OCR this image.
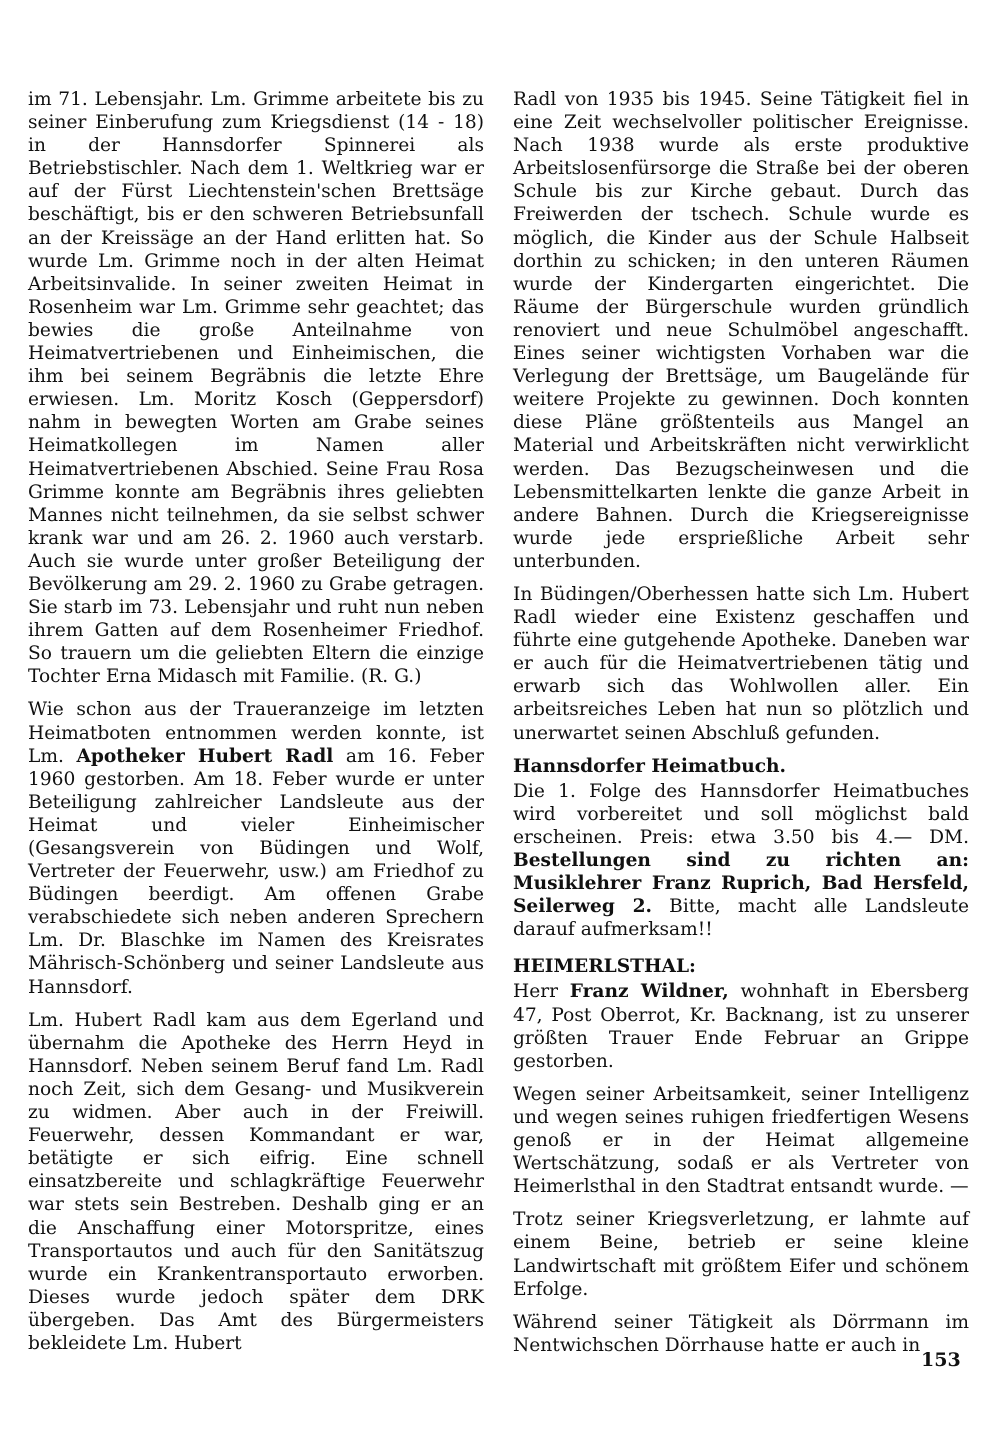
im 71. Lebensjahr. Lm. Grimme arbeitete bis zu seiner Einberufung zum Kriegsdienst (14 - 18) in der Hannsdorfer Spinnerei als Betriebstischler. Nach dem 1. Weltkrieg war er auf der Fürst Liechtenstein'schen Brettsäge beschäftigt, bis er den schweren Betriebsunfall an der Kreissäge an der Hand erlitten hat. So wurde Lm. Grimme noch in der alten Heimat Arbeitsinvalide. In seiner zweiten Heimat in Rosenheim war Lm. Grimme sehr geachtet; das bewies die große Anteilnahme von Heimatvertriebenen und Einheimischen, die ihm bei seinem Begräbnis die letzte Ehre erwiesen. Lm. Moritz Kosch (Geppersdorf) nahm in bewegten Worten am Grabe seines Heimatkollegen im Namen aller Heimatvertriebenen Abschied. Seine Frau Rosa Grimme konnte am Begräbnis ihres geliebten Mannes nicht teilnehmen, da sie selbst schwer krank war und am 26. 2. 1960 auch verstarb. Auch sie wurde unter großer Beteiligung der Bevölkerung am 29. 2. 1960 zu Grabe getragen. Sie starb im 73. Lebensjahr und ruht nun neben ihrem Gatten auf dem Rosenheimer Friedhof. So trauern um die geliebten Eltern die einzige Tochter Erna Midasch mit Familie. (R. G.)

Wie schon aus der Traueranzeige im letzten Heimatboten entnommen werden konnte, ist Lm. Apotheker Hubert Radl am 16. Feber 1960 gestorben. Am 18. Feber wurde er unter Beteiligung zahlreicher Landsleute aus der Heimat und vieler Einheimischer (Gesangsverein von Büdingen und Wolf, Vertreter der Feuerwehr, usw.) am Friedhof zu Büdingen beerdigt. Am offenen Grabe verabschiedete sich neben anderen Sprechern Lm. Dr. Blaschke im Namen des Kreisrates Mährisch-Schönberg und seiner Landsleute aus Hannsdorf.

Lm. Hubert Radl kam aus dem Egerland und übernahm die Apotheke des Herrn Heyd in Hannsdorf. Neben seinem Beruf fand Lm. Radl noch Zeit, sich dem Gesang- und Musikverein zu widmen. Aber auch in der Freiwill. Feuerwehr, dessen Kommandant er war, betätigte er sich eifrig. Eine schnell einsatzbereite und schlagkräftige Feuerwehr war stets sein Bestreben. Deshalb ging er an die Anschaffung einer Motorspritze, eines Transportautos und auch für den Sanitätszug wurde ein Krankentransportauto erworben. Dieses wurde jedoch später dem DRK übergeben. Das Amt des Bürgermeisters bekleidete Lm. Hubert

Radl von 1935 bis 1945. Seine Tätigkeit fiel in eine Zeit wechselvoller politischer Ereignisse. Nach 1938 wurde als erste produktive Arbeitslosenfürsorge die Straße bei der oberen Schule bis zur Kirche gebaut. Durch das Freiwerden der tschech. Schule wurde es möglich, die Kinder aus der Schule Halbseit dorthin zu schicken; in den unteren Räumen wurde der Kindergarten eingerichtet. Die Räume der Bürgerschule wurden gründlich renoviert und neue Schulmöbel angeschafft. Eines seiner wichtigsten Vorhaben war die Verlegung der Brettsäge, um Baugelände für weitere Projekte zu gewinnen. Doch konnten diese Pläne größtenteils aus Mangel an Material und Arbeitskräften nicht verwirklicht werden. Das Bezugscheinwesen und die Lebensmittelkarten lenkte die ganze Arbeit in andere Bahnen. Durch die Kriegsereignisse wurde jede ersprießliche Arbeit sehr unterbunden.

In Büdingen/Oberhessen hatte sich Lm. Hubert Radl wieder eine Existenz geschaffen und führte eine gutgehende Apotheke. Daneben war er auch für die Heimatvertriebenen tätig und erwarb sich das Wohlwollen aller. Ein arbeitsreiches Leben hat nun so plötzlich und unerwartet seinen Abschluß gefunden.

Hannsdorfer Heimatbuch.

Die 1. Folge des Hannsdorfer Heimatbuches wird vorbereitet und soll möglichst bald erscheinen. Preis: etwa 3.50 bis 4.— DM. Bestellungen sind zu richten an: Musiklehrer Franz Ruprich, Bad Hersfeld, Seilerweg 2. Bitte, macht alle Landsleute darauf aufmerksam!!

HEIMERLSTHAL:

Herr Franz Wildner, wohnhaft in Ebersberg 47, Post Oberrot, Kr. Backnang, ist zu unserer größten Trauer Ende Februar an Grippe gestorben.

Wegen seiner Arbeitsamkeit, seiner Intelligenz und wegen seines ruhigen friedfertigen Wesens genoß er in der Heimat allgemeine Wertschätzung, sodaß er als Vertreter von Heimerlsthal in den Stadtrat entsandt wurde. —

Trotz seiner Kriegsverletzung, er lahmte auf einem Beine, betrieb er seine kleine Landwirtschaft mit größtem Eifer und schönem Erfolge.

Während seiner Tätigkeit als Dörrmann im Nentwichschen Dörrhause hatte er auch in

153
